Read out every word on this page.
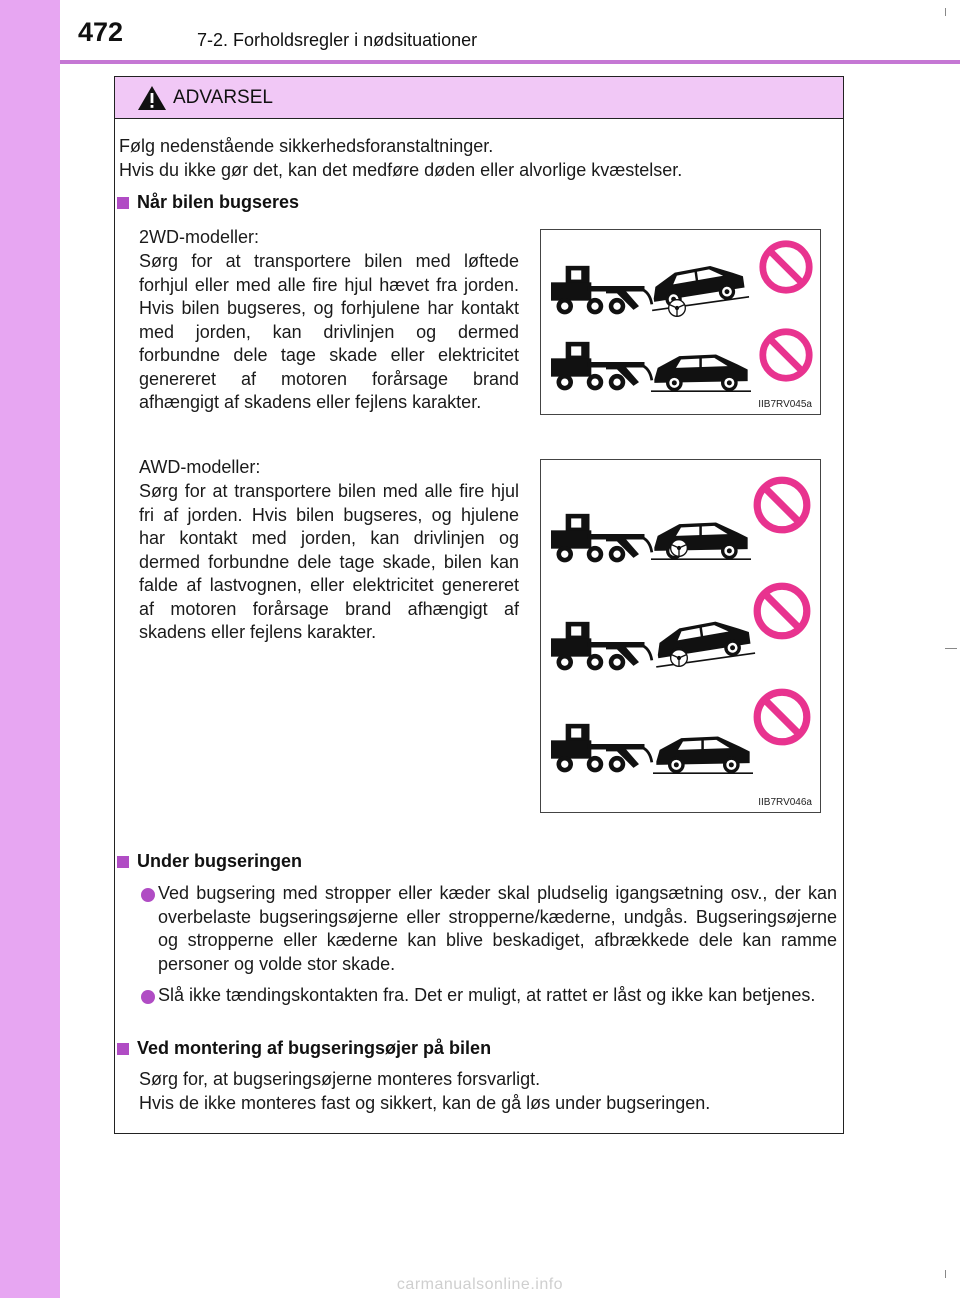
472	7-2. Forholdsregler i nødsituationer
ADVARSEL
Følg nedenstående sikkerhedsforanstaltninger.
Hvis du ikke gør det, kan det medføre døden eller alvorlige kvæstelser.
Når bilen bugseres
2WD-modeller:
Sørg for at transportere bilen med løftede forhjul eller med alle fire hjul hævet fra jorden. Hvis bilen bugseres, og forhjulene har kontakt med jorden, kan drivlinjen og dermed forbundne dele tage skade eller elektricitet genereret af motoren forårsage brand afhængigt af skadens eller fejlens karakter.	IIB7RV045a
AWD-modeller:
Sørg for at transportere bilen med alle fire hjul fri af jorden. Hvis bilen bugseres, og hjulene har kontakt med jorden, kan drivlinjen og dermed forbundne dele tage skade, bilen kan falde af lastvognen, eller elektricitet genereret af motoren forårsage brand afhængigt af skadens eller fejlens karakter.
IIB7RV046a
Under bugseringen
Ved bugsering med stropper eller kæder skal pludselig igangsætning osv., der kan overbelaste bugseringsøjerne eller stropperne/kæderne, undgås. Bugseringsøjerne og stropperne eller kæderne kan blive beskadiget, afbrækkede dele kan ramme personer og volde stor skade.
Slå ikke tændingskontakten fra. Det er muligt, at rattet er låst og ikke kan betjenes.
Ved montering af bugseringsøjer på bilen
Sørg for, at bugseringsøjerne monteres forsvarligt.
Hvis de ikke monteres fast og sikkert, kan de gå løs under bugseringen.
carmanualsonline.info
